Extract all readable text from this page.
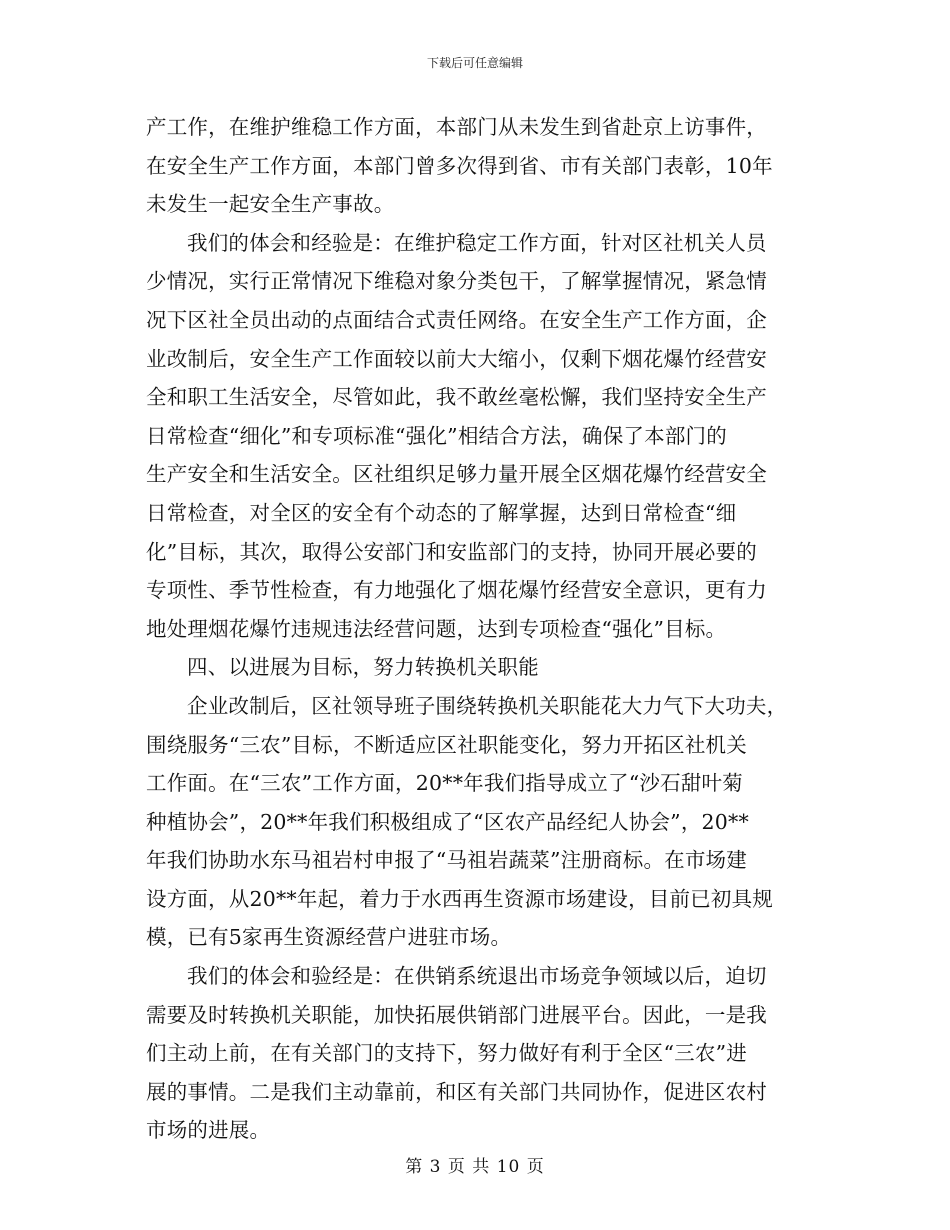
下载后可任意编辑
产工作，在维护维稳工作方面，本部门从未发生到省赴京上访事件，
在安全生产工作方面，本部门曾多次得到省、市有关部门表彰，10年
未发生一起安全生产事故。
我们的体会和经验是：在维护稳定工作方面，针对区社机关人员
少情况，实行正常情况下维稳对象分类包干，了解掌握情况，紧急情
况下区社全员出动的点面结合式责任网络。在安全生产工作方面，企
业改制后，安全生产工作面较以前大大缩小，仅剩下烟花爆竹经营安
全和职工生活安全，尽管如此，我不敢丝毫松懈，我们坚持安全生产
日常检查“细化”和专项标准“强化”相结合方法，确保了本部门的
生产安全和生活安全。区社组织足够力量开展全区烟花爆竹经营安全
日常检查，对全区的安全有个动态的了解掌握，达到日常检查“细
化”目标，其次，取得公安部门和安监部门的支持，协同开展必要的
专项性、季节性检查，有力地强化了烟花爆竹经营安全意识，更有力
地处理烟花爆竹违规违法经营问题，达到专项检查“强化”目标。
四、以进展为目标，努力转换机关职能
企业改制后，区社领导班子围绕转换机关职能花大力气下大功夫，
围绕服务“三农”目标，不断适应区社职能变化，努力开拓区社机关
工作面。在“三农”工作方面，20**年我们指导成立了“沙石甜叶菊
种植协会”，20**年我们积极组成了“区农产品经纪人协会”，20**
年我们协助水东马祖岩村申报了“马祖岩蔬菜”注册商标。在市场建
设方面，从20**年起，着力于水西再生资源市场建设，目前已初具规
模，已有5家再生资源经营户进驻市场。
我们的体会和验经是：在供销系统退出市场竞争领域以后，迫切
需要及时转换机关职能，加快拓展供销部门进展平台。因此，一是我
们主动上前，在有关部门的支持下，努力做好有利于全区“三农”进
展的事情。二是我们主动靠前，和区有关部门共同协作，促进区农村
市场的进展。
第 3 页 共 10 页
